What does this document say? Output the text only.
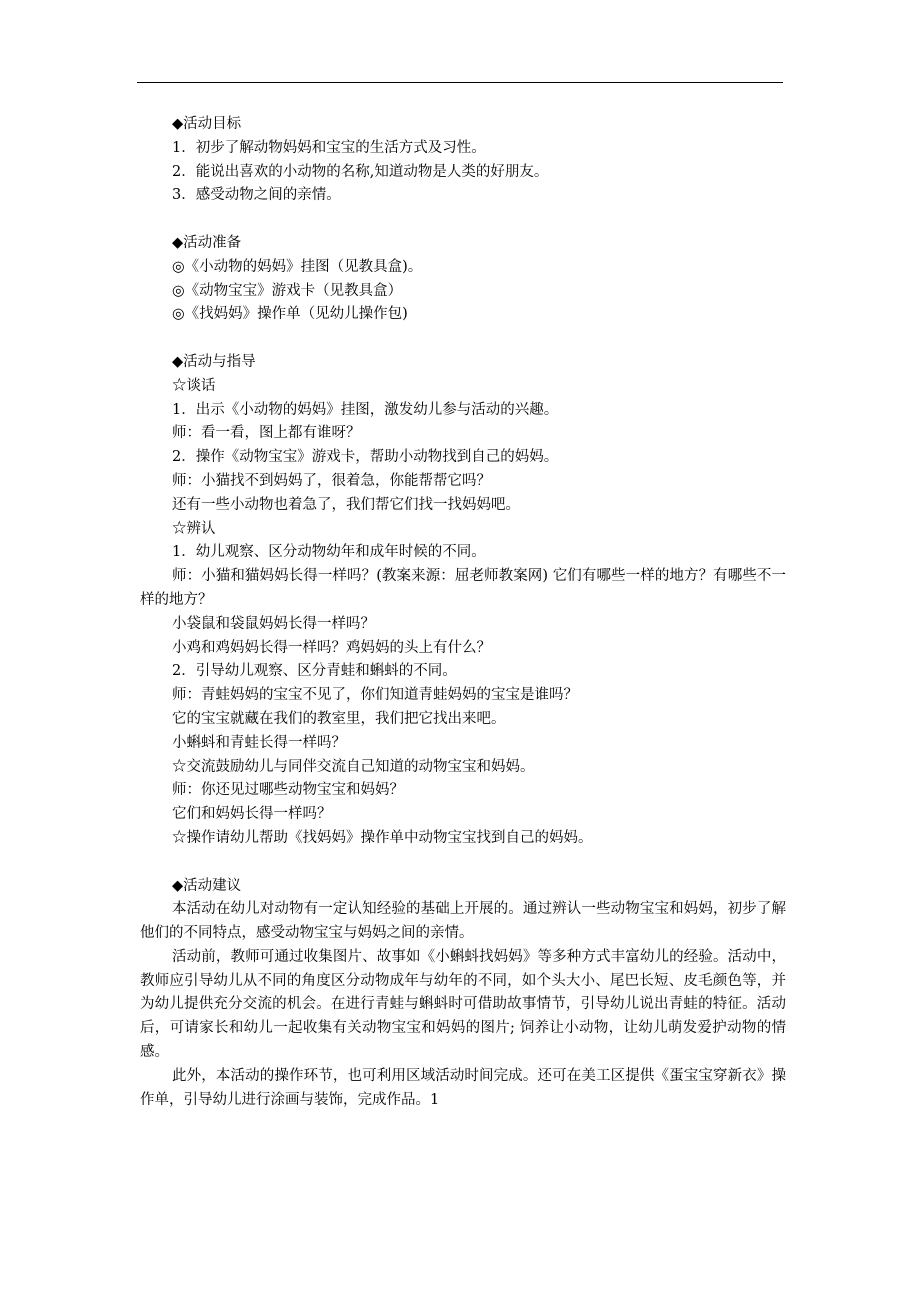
◆活动目标

1．初步了解动物妈妈和宝宝的生活方式及习性。

2．能说出喜欢的小动物的名称,知道动物是人类的好朋友。

3．感受动物之间的亲情。

◆活动准备

◎《小动物的妈妈》挂图（见教具盒)。

◎《动物宝宝》游戏卡（见教具盒）

◎《找妈妈》操作单（见幼儿操作包)

◆活动与指导

☆谈话

1．出示《小动物的妈妈》挂图，激发幼儿参与活动的兴趣。

师：看一看，图上都有谁呀？

2．操作《动物宝宝》游戏卡，帮助小动物找到自己的妈妈。

师：小猫找不到妈妈了，很着急，你能帮帮它吗？

还有一些小动物也着急了，我们帮它们找一找妈妈吧。

☆辨认

1．幼儿观察、区分动物幼年和成年时候的不同。

师：小猫和猫妈妈长得一样吗？(教案来源：屈老师教案网) 它们有哪些一样的地方？有哪些不一样的地方？

小袋鼠和袋鼠妈妈长得一样吗？

小鸡和鸡妈妈长得一样吗？鸡妈妈的头上有什么？

2．引导幼儿观察、区分青蛙和蝌蚪的不同。

师：青蛙妈妈的宝宝不见了，你们知道青蛙妈妈的宝宝是谁吗？

它的宝宝就藏在我们的教室里，我们把它找出来吧。

小蝌蚪和青蛙长得一样吗？

☆交流鼓励幼儿与同伴交流自己知道的动物宝宝和妈妈。

师：你还见过哪些动物宝宝和妈妈？

它们和妈妈长得一样吗？

☆操作请幼儿帮助《找妈妈》操作单中动物宝宝找到自己的妈妈。

◆活动建议

本活动在幼儿对动物有一定认知经验的基础上开展的。通过辨认一些动物宝宝和妈妈，初步了解他们的不同特点，感受动物宝宝与妈妈之间的亲情。

活动前，教师可通过收集图片、故事如《小蝌蚪找妈妈》等多种方式丰富幼儿的经验。活动中，教师应引导幼儿从不同的角度区分动物成年与幼年的不同，如个头大小、尾巴长短、皮毛颜色等，并为幼儿提供充分交流的机会。在进行青蛙与蝌蚪时可借助故事情节，引导幼儿说出青蛙的特征。活动后，可请家长和幼儿一起收集有关动物宝宝和妈妈的图片; 饲养让小动物，让幼儿萌发爱护动物的情感。

此外，本活动的操作环节，也可利用区域活动时间完成。还可在美工区提供《蛋宝宝穿新衣》操作单，引导幼儿进行涂画与装饰，完成作品。1
